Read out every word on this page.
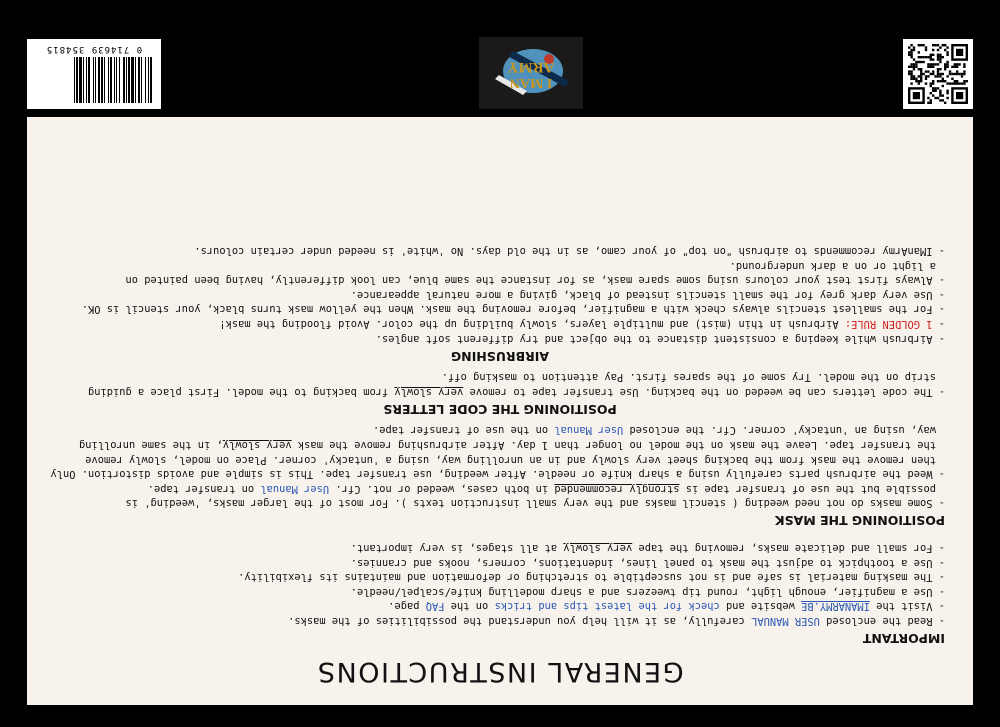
GENERAL INSTRUCTIONS
IMPORTANT
- Read the enclosed USER MANUAL carefully, as it will help you understand the possibilities of the masks.
- Visit the IMANARMY.BE website and check for the latest tips and tricks on the FAQ page.
- Use a magnifier, enough light, round tip tweezers and a sharp modelling knife/scalpel/needle.
- The masking material is safe and is not susceptible to stretching or deformation and maintains its flexibility.
- Use a toothpick to adjust the mask to panel lines, indentations, corners, nooks and crannies.
- For small and delicate masks, removing the tape very slowly at all stages, is very important.
POSITIONING THE MASK
- Some masks do not need weeding ( stencil masks and the very small instruction texts ). For most of the larger masks, 'weeding' is
possible but the use of transfer tape is strongly recommended in both cases, weeded or not. Cfr. User Manual on transfer tape.
- Weed the airbrush parts carefully using a sharp knife or needle. After weeding, use transfer tape. This is simple and avoids distortion. Only
then remove the mask from the backing sheet very slowly and in an unrolling way, using a 'untacky' corner. Place on model, slowly remove
the transfer tape. Leave the mask on the model no longer than 1 day. After airbrushing remove the mask very slowly, in the same unrolling
way, using an 'untacky' corner. Cfr. the enclosed User Manual on the use of transfer tape.
POSITIONING THE CODE LETTERS
- The code letters can be weeded on the backing. Use transfer tape to remove very slowly from backing to the model. First place a guiding
strip on the model. Try some of the spares first. Pay attention to masking off.
AIRBRUSHING
- Airbrush while keeping a consistent distance to the object and try different soft angles.
- 1 GOLDEN RULE: Airbrush in thin (mist) and multiple layers, slowly building up the color. Avoid flooding the mask!
- For the smallest stencils always check with a magnifier, before removing the mask. When the yellow mask turns black, your stencil is OK.
- Use very dark grey for the small stencils instead of black, giving a more natural appearance.
- Always first test your colours using some spare mask, as for instance the same blue, can look differently, having been painted on
a light or on a dark underground.
- IManArmy recommends to airbrush "on top" of your camo, as in the old days. No 'white' is needed under certain colours.
I MAN
ARMY
0 714639 354815
